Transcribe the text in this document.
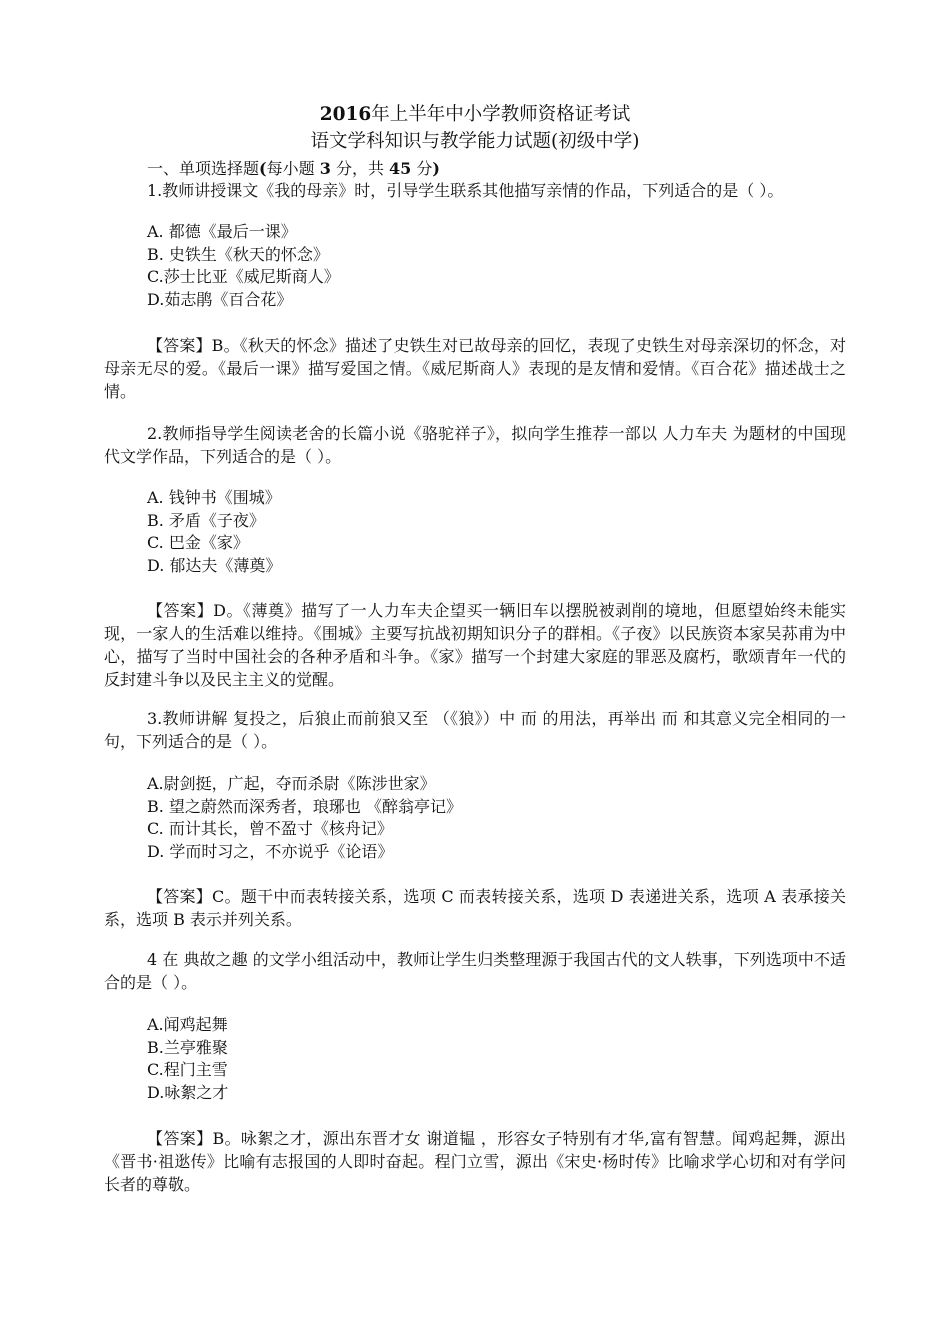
2016年上半年中小学教师资格证考试
语文学科知识与教学能力试题(初级中学)
一、单项选择题(每小题 3 分，共 45 分)
1.教师讲授课文《我的母亲》时，引导学生联系其他描写亲情的作品，下列适合的是（ ）。
A. 都德《最后一课》
B. 史铁生《秋天的怀念》
C.莎士比亚《威尼斯商人》
D.茹志鹃《百合花》
【答案】B。《秋天的怀念》描述了史铁生对已故母亲的回忆，表现了史铁生对母亲深切的怀念，对母亲无尽的爱。《最后一课》描写爱国之情。《威尼斯商人》表现的是友情和爱情。《百合花》描述战士之情。
2.教师指导学生阅读老舍的长篇小说《骆驼祥子》，拟向学生推荐一部以 人力车夫 为题材的中国现代文学作品，下列适合的是（ ）。
A. 钱钟书《围城》
B. 矛盾《子夜》
C. 巴金《家》
D. 郁达夫《薄奠》
【答案】D。《薄奠》描写了一人力车夫企望买一辆旧车以摆脱被剥削的境地，但愿望始终未能实现，一家人的生活难以维持。《围城》主要写抗战初期知识分子的群相。《子夜》以民族资本家吴荪甫为中心，描写了当时中国社会的各种矛盾和斗争。《家》描写一个封建大家庭的罪恶及腐朽，歌颂青年一代的反封建斗争以及民主主义的觉醒。
3.教师讲解 复投之，后狼止而前狼又至 （《狼》）中 而 的用法，再举出 而 和其意义完全相同的一句，下列适合的是（ ）。
A.尉剑挺，广起，夺而杀尉《陈涉世家》
B. 望之蔚然而深秀者，琅琊也 《醉翁亭记》
C. 而计其长，曾不盈寸《核舟记》
D. 学而时习之，不亦说乎《论语》
【答案】C。题干中而表转接关系，选项 C 而表转接关系，选项 D 表递进关系，选项 A 表承接关系，选项 B 表示并列关系。
4 在 典故之趣 的文学小组活动中，教师让学生归类整理源于我国古代的文人轶事，下列选项中不适合的是（ ）。
A.闻鸡起舞
B.兰亭雅聚
C.程门主雪
D.咏絮之才
【答案】B。咏絮之才，源出东晋才女 谢道韫 ，形容女子特别有才华,富有智慧。闻鸡起舞，源出《晋书·祖逖传》比喻有志报国的人即时奋起。程门立雪，源出《宋史·杨时传》比喻求学心切和对有学问长者的尊敬。
